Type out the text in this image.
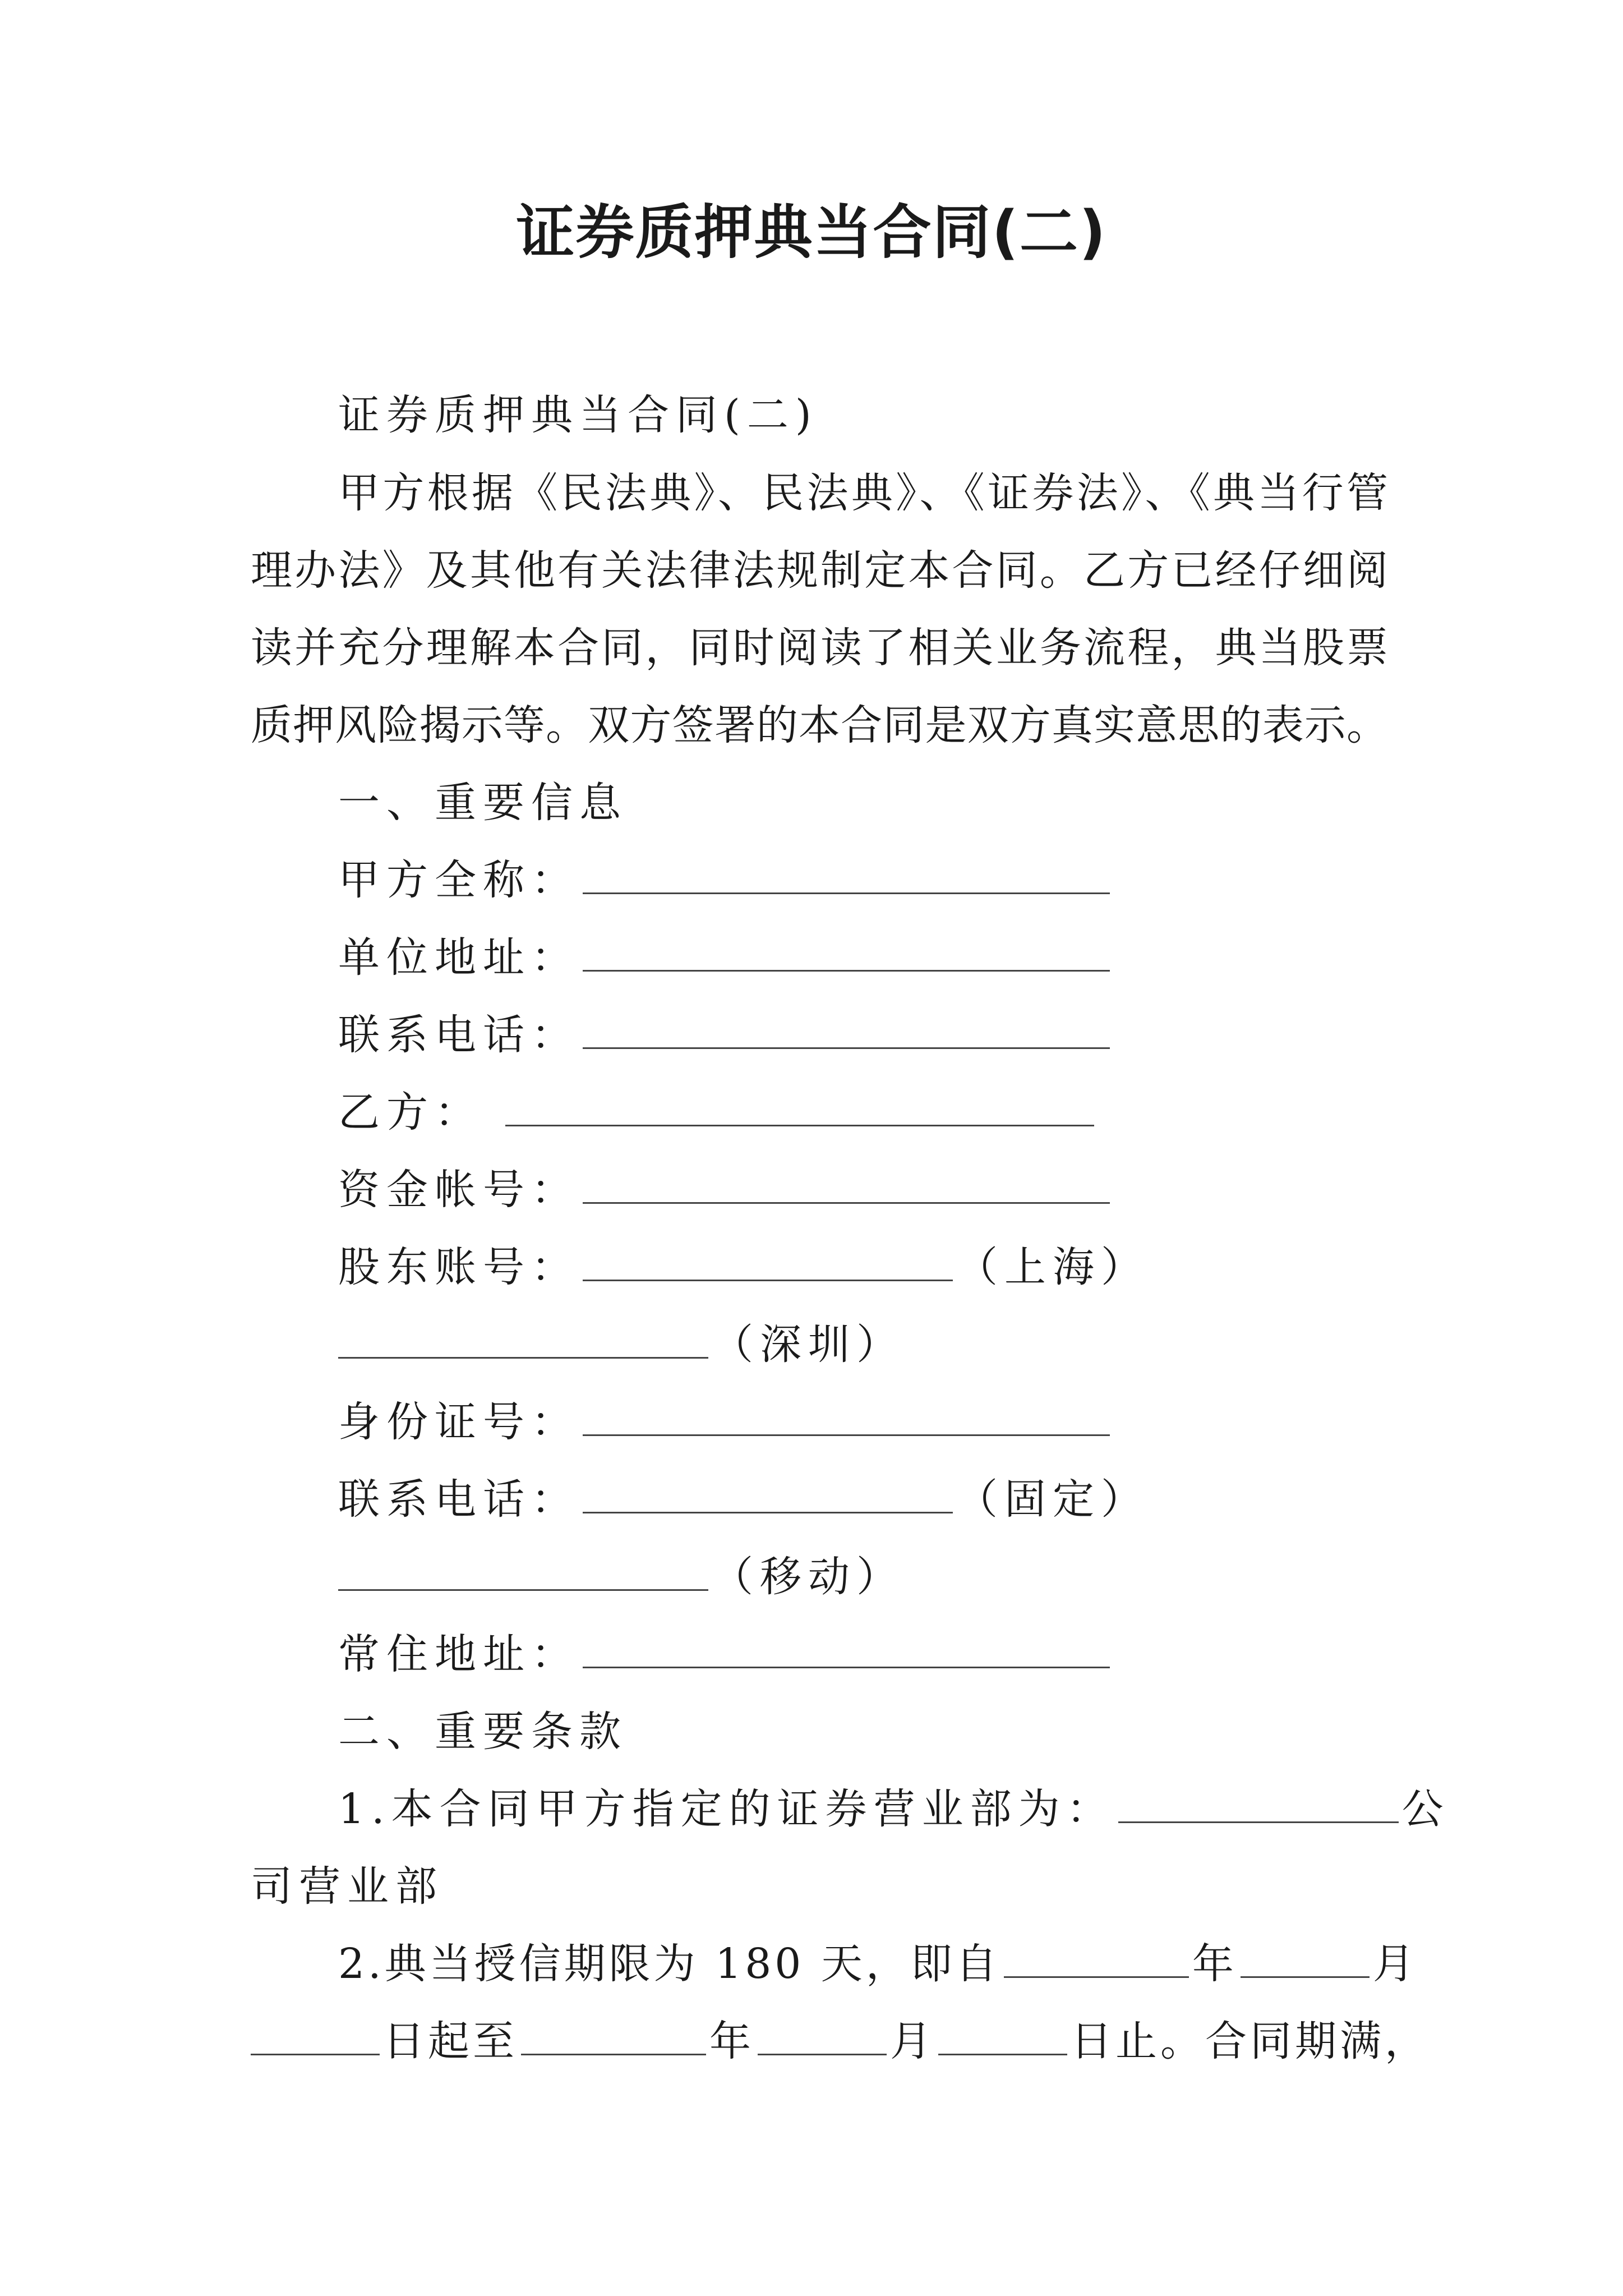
证券质押典当合同(二)
证券质押典当合同(二)
甲方根据《民法典》、民法典》、《证券法》、《典当行管
理办法》及其他有关法律法规制定本合同。乙方已经仔细阅
读并充分理解本合同，同时阅读了相关业务流程，典当股票
质押风险揭示等。双方签署的本合同是双方真实意思的表示。
一、重要信息
甲方全称：
单位地址：
联系电话：
乙方：
资金帐号：
股东账号：	（上海）
（深圳）
身份证号：
联系电话：	（固定）
（移动）
常住地址：
二、重要条款
1.本合同甲方指定的证券营业部为：	公
司营业部
2.典当授信期限为 180 天，即自	年	月
日起至	年	月	日止。合同期满，
